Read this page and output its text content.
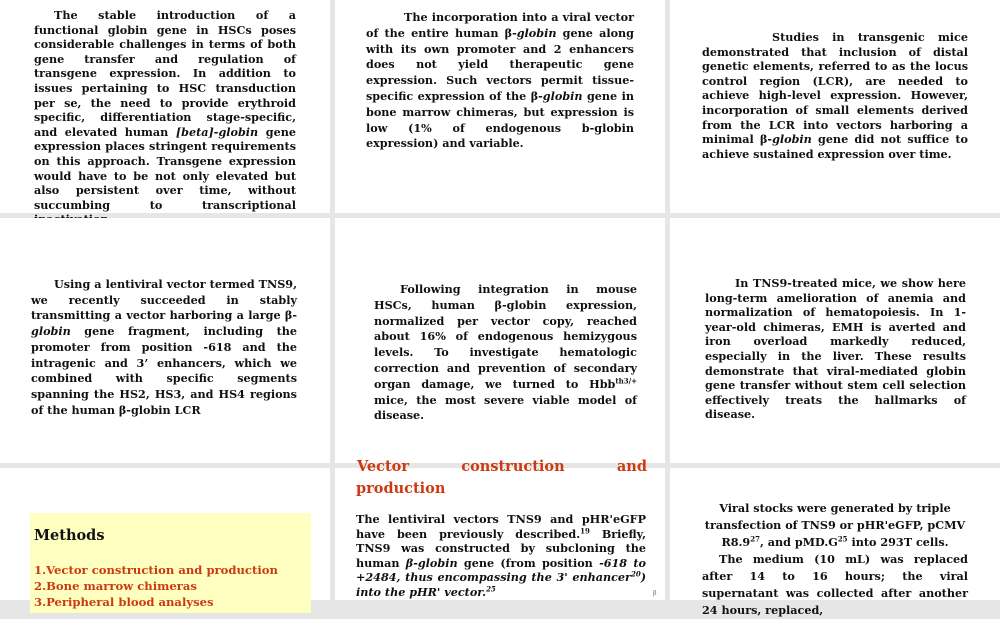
The stable introduction of a functional globin gene in HSCs poses considerable challenges in terms of both gene transfer and regulation of transgene expression. In addition to issues pertaining to HSC transduction per se, the need to provide erythroid specific, differentiation stage-specific, and elevated human [beta]-globin gene expression places stringent requirements on this approach. Transgene expression would have to be not only elevated but also persistent over time, without succumbing to transcriptional

The incorporation into a viral vector of the entire human β-globin gene along with its own promoter and 2 enhancers does not yield therapeutic gene expression. Such vectors permit tissue-specific expression of the β-globin gene in bone marrow chimeras, but expression is low (1% of endogenous b-globin expression) and variable.

Studies in transgenic mice demonstrated that inclusion of distal genetic elements, referred to as the locus control region (LCR), are needed to achieve high-level expression. However, incorporation of small elements derived from the LCR into vectors harboring a minimal β-globin gene did not suffice to achieve sustained expression over time.

Using a lentiviral vector termed TNS9, we recently succeeded in stably transmitting a vector harboring a large β-globin gene fragment, including the promoter from position -618 and the intragenic and 3’ enhancers, which we combined with specific segments spanning the HS2, HS3, and HS4 regions of the human β-globin LCR

Following integration in mouse HSCs, human β-globin expression, normalized per vector copy, reached about 16% of endogenous hemizygous levels. To investigate hematologic correction and prevention of secondary organ damage, we turned to Hbb$^{th3/+}$ mice, the most severe viable model of disease.

In TNS9-treated mice, we show here long-term amelioration of anemia and normalization of hematopoiesis. In 1-year-old chimeras, EMH is averted and iron overload markedly reduced, especially in the liver. These results demonstrate that viral-mediated globin gene transfer without stem cell selection effectively treats the hallmarks of disease.

Methods
1.Vector construction and production
2.Bone marrow chimeras
3.Peripheral blood analyses
Vector construction and
production

The lentiviral vectors TNS9 and pHR'eGFP have been previously described.$^{19}$ Briefly, TNS9 was constructed by subcloning the human β-globin gene (from position -618 to +2484, thus encompassing the 3' enhancer$^{20}$) into the pHR' vector.$^{25}$

β

Viral stocks were generated by triple transfection of TNS9 or pHR'eGFP, pCMV $R8.9^{27}$, and $pMD.G^{25}$ into 293T cells.

The medium (10 mL) was replaced after 14 to 16 hours; the viral supernatant was collected after another 24 hours, replaced,
